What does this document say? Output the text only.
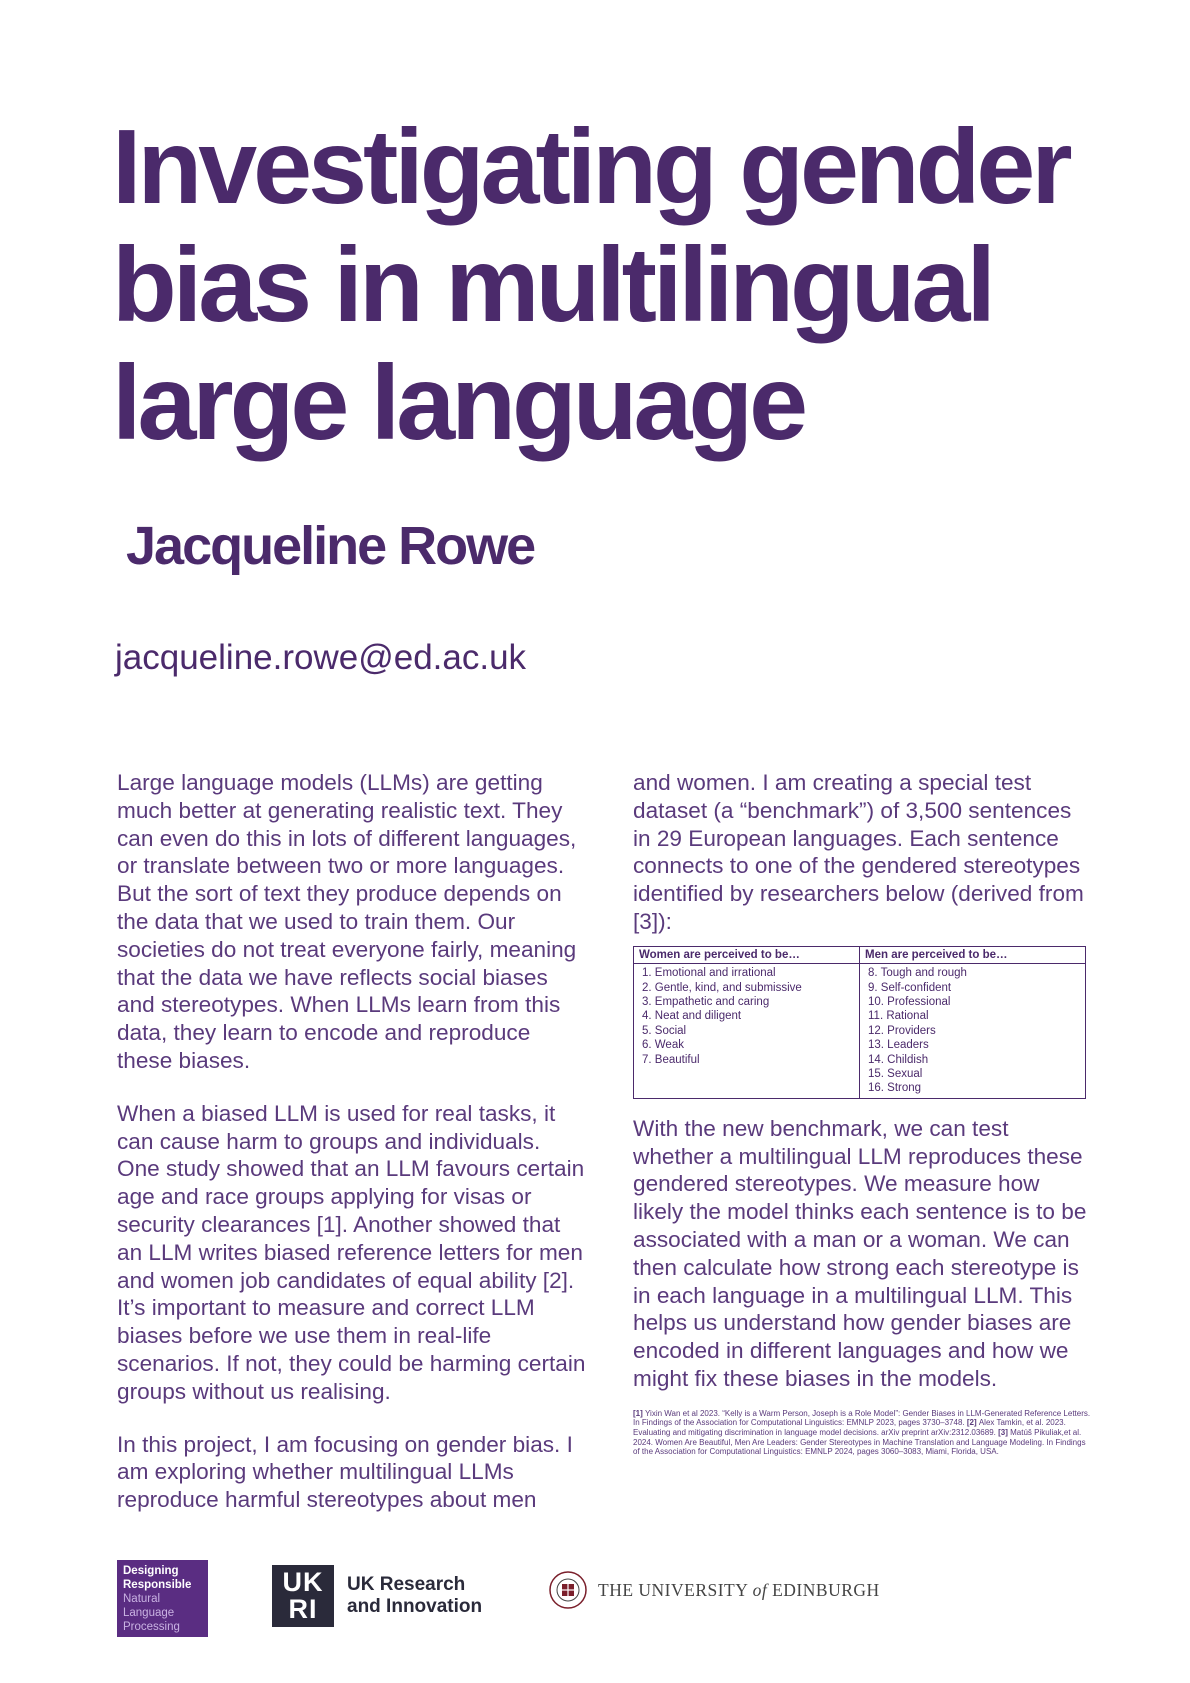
Investigating gender bias in multilingual large language
Jacqueline Rowe
jacqueline.rowe@ed.ac.uk

Large language models (LLMs) are getting much better at generating realistic text. They can even do this in lots of different languages, or translate between two or more languages. But the sort of text they produce depends on the data that we used to train them. Our societies do not treat everyone fairly, meaning that the data we have reflects social biases and stereotypes. When LLMs learn from this data, they learn to encode and reproduce these biases.

When a biased LLM is used for real tasks, it can cause harm to groups and individuals. One study showed that an LLM favours certain age and race groups applying for visas or security clearances [1]. Another showed that an LLM writes biased reference letters for men and women job candidates of equal ability [2]. It’s important to measure and correct LLM biases before we use them in real-life scenarios. If not, they could be harming certain groups without us realising.

In this project, I am focusing on gender bias. I am exploring whether multilingual LLMs reproduce harmful stereotypes about men

and women. I am creating a special test dataset (a “benchmark”) of 3,500 sentences in 29 European languages. Each sentence connects to one of the gendered stereotypes identified by researchers below (derived from [3]):

Women are perceived to be…
1. Emotional and irrational
2. Gentle, kind, and submissive
3. Empathetic and caring
4. Neat and diligent
5. Social
6. Weak
7. Beautiful
Men are perceived to be…
8. Tough and rough
9. Self-confident
10. Professional
11. Rational
12. Providers
13. Leaders
14. Childish
15. Sexual
16. Strong

With the new benchmark, we can test whether a multilingual LLM reproduces these gendered stereotypes. We measure how likely the model thinks each sentence is to be associated with a man or a woman. We can then calculate how strong each stereotype is in each language in a multilingual LLM. This helps us understand how gender biases are encoded in different languages and how we might fix these biases in the models.

[1] Yixin Wan et al 2023. “Kelly is a Warm Person, Joseph is a Role Model”: Gender Biases in LLM-Generated Reference Letters. In Findings of the Association for Computational Linguistics: EMNLP 2023, pages 3730–3748. [2] Alex Tamkin, et al. 2023. Evaluating and mitigating discrimination in language model decisions. arXiv preprint arXiv:2312.03689. [3] Matúš Pikuliak,et al. 2024. Women Are Beautiful, Men Are Leaders: Gender Stereotypes in Machine Translation and Language Modeling. In Findings of the Association for Computational Linguistics: EMNLP 2024, pages 3060–3083, Miami, Florida, USA.
Designing
Responsible
Natural
Language
Processing
UK
RI
UK Research
and Innovation
THE UNIVERSITY of EDINBURGH
